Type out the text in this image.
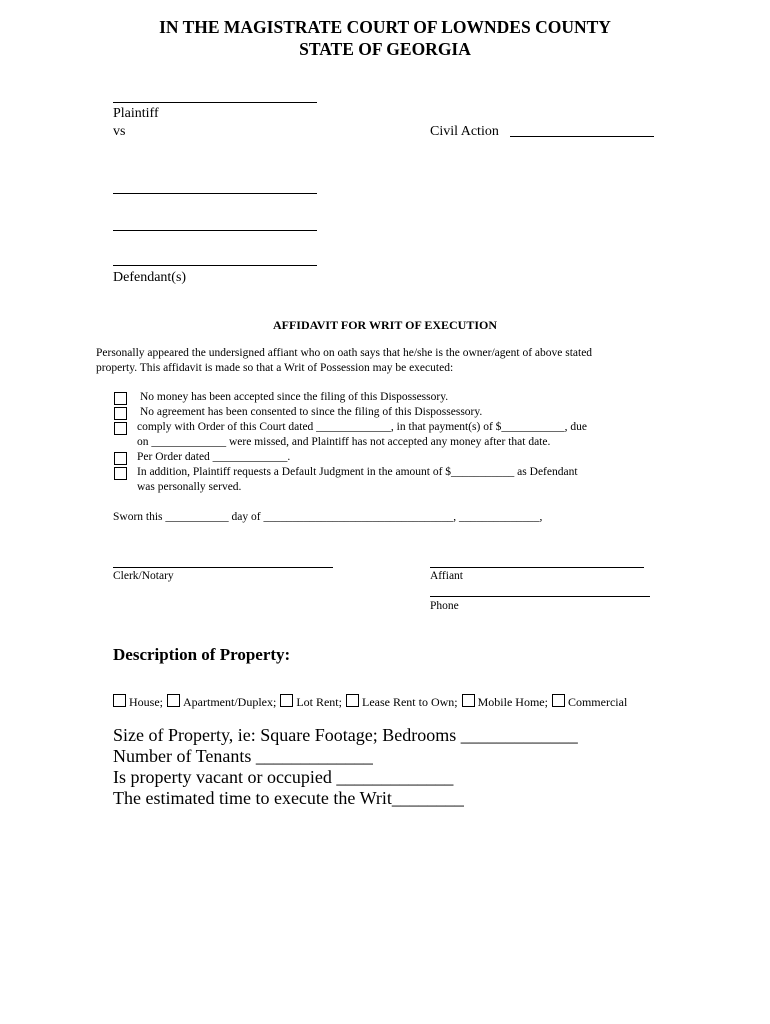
IN THE MAGISTRATE COURT OF LOWNDES COUNTY
STATE OF GEORGIA
Plaintiff
vs	Civil Action
Defendant(s)
AFFIDAVIT FOR WRIT OF EXECUTION
Personally appeared the undersigned affiant who on oath says that he/she is the owner/agent of above stated
property. This affidavit is made so that a Writ of Possession may be executed:
No money has been accepted since the filing of this Dispossessory.
No agreement has been consented to since the filing of this Dispossessory.
comply with Order of this Court dated _____________, in that payment(s) of $___________, due
on _____________ were missed, and Plaintiff has not accepted any money after that date.
Per Order dated _____________.
In addition, Plaintiff requests a Default Judgment in the amount of $___________ as Defendant
was personally served.
Sworn this ___________ day of _________________________________, ______________,
Clerk/Notary	Affiant
Phone
Description of Property:
House; Apartment/Duplex; Lot Rent; Lease Rent to Own; Mobile Home; Commercial
Size of Property, ie: Square Footage; Bedrooms _____________
Number of Tenants _____________
Is property vacant or occupied _____________
The estimated time to execute the Writ________
